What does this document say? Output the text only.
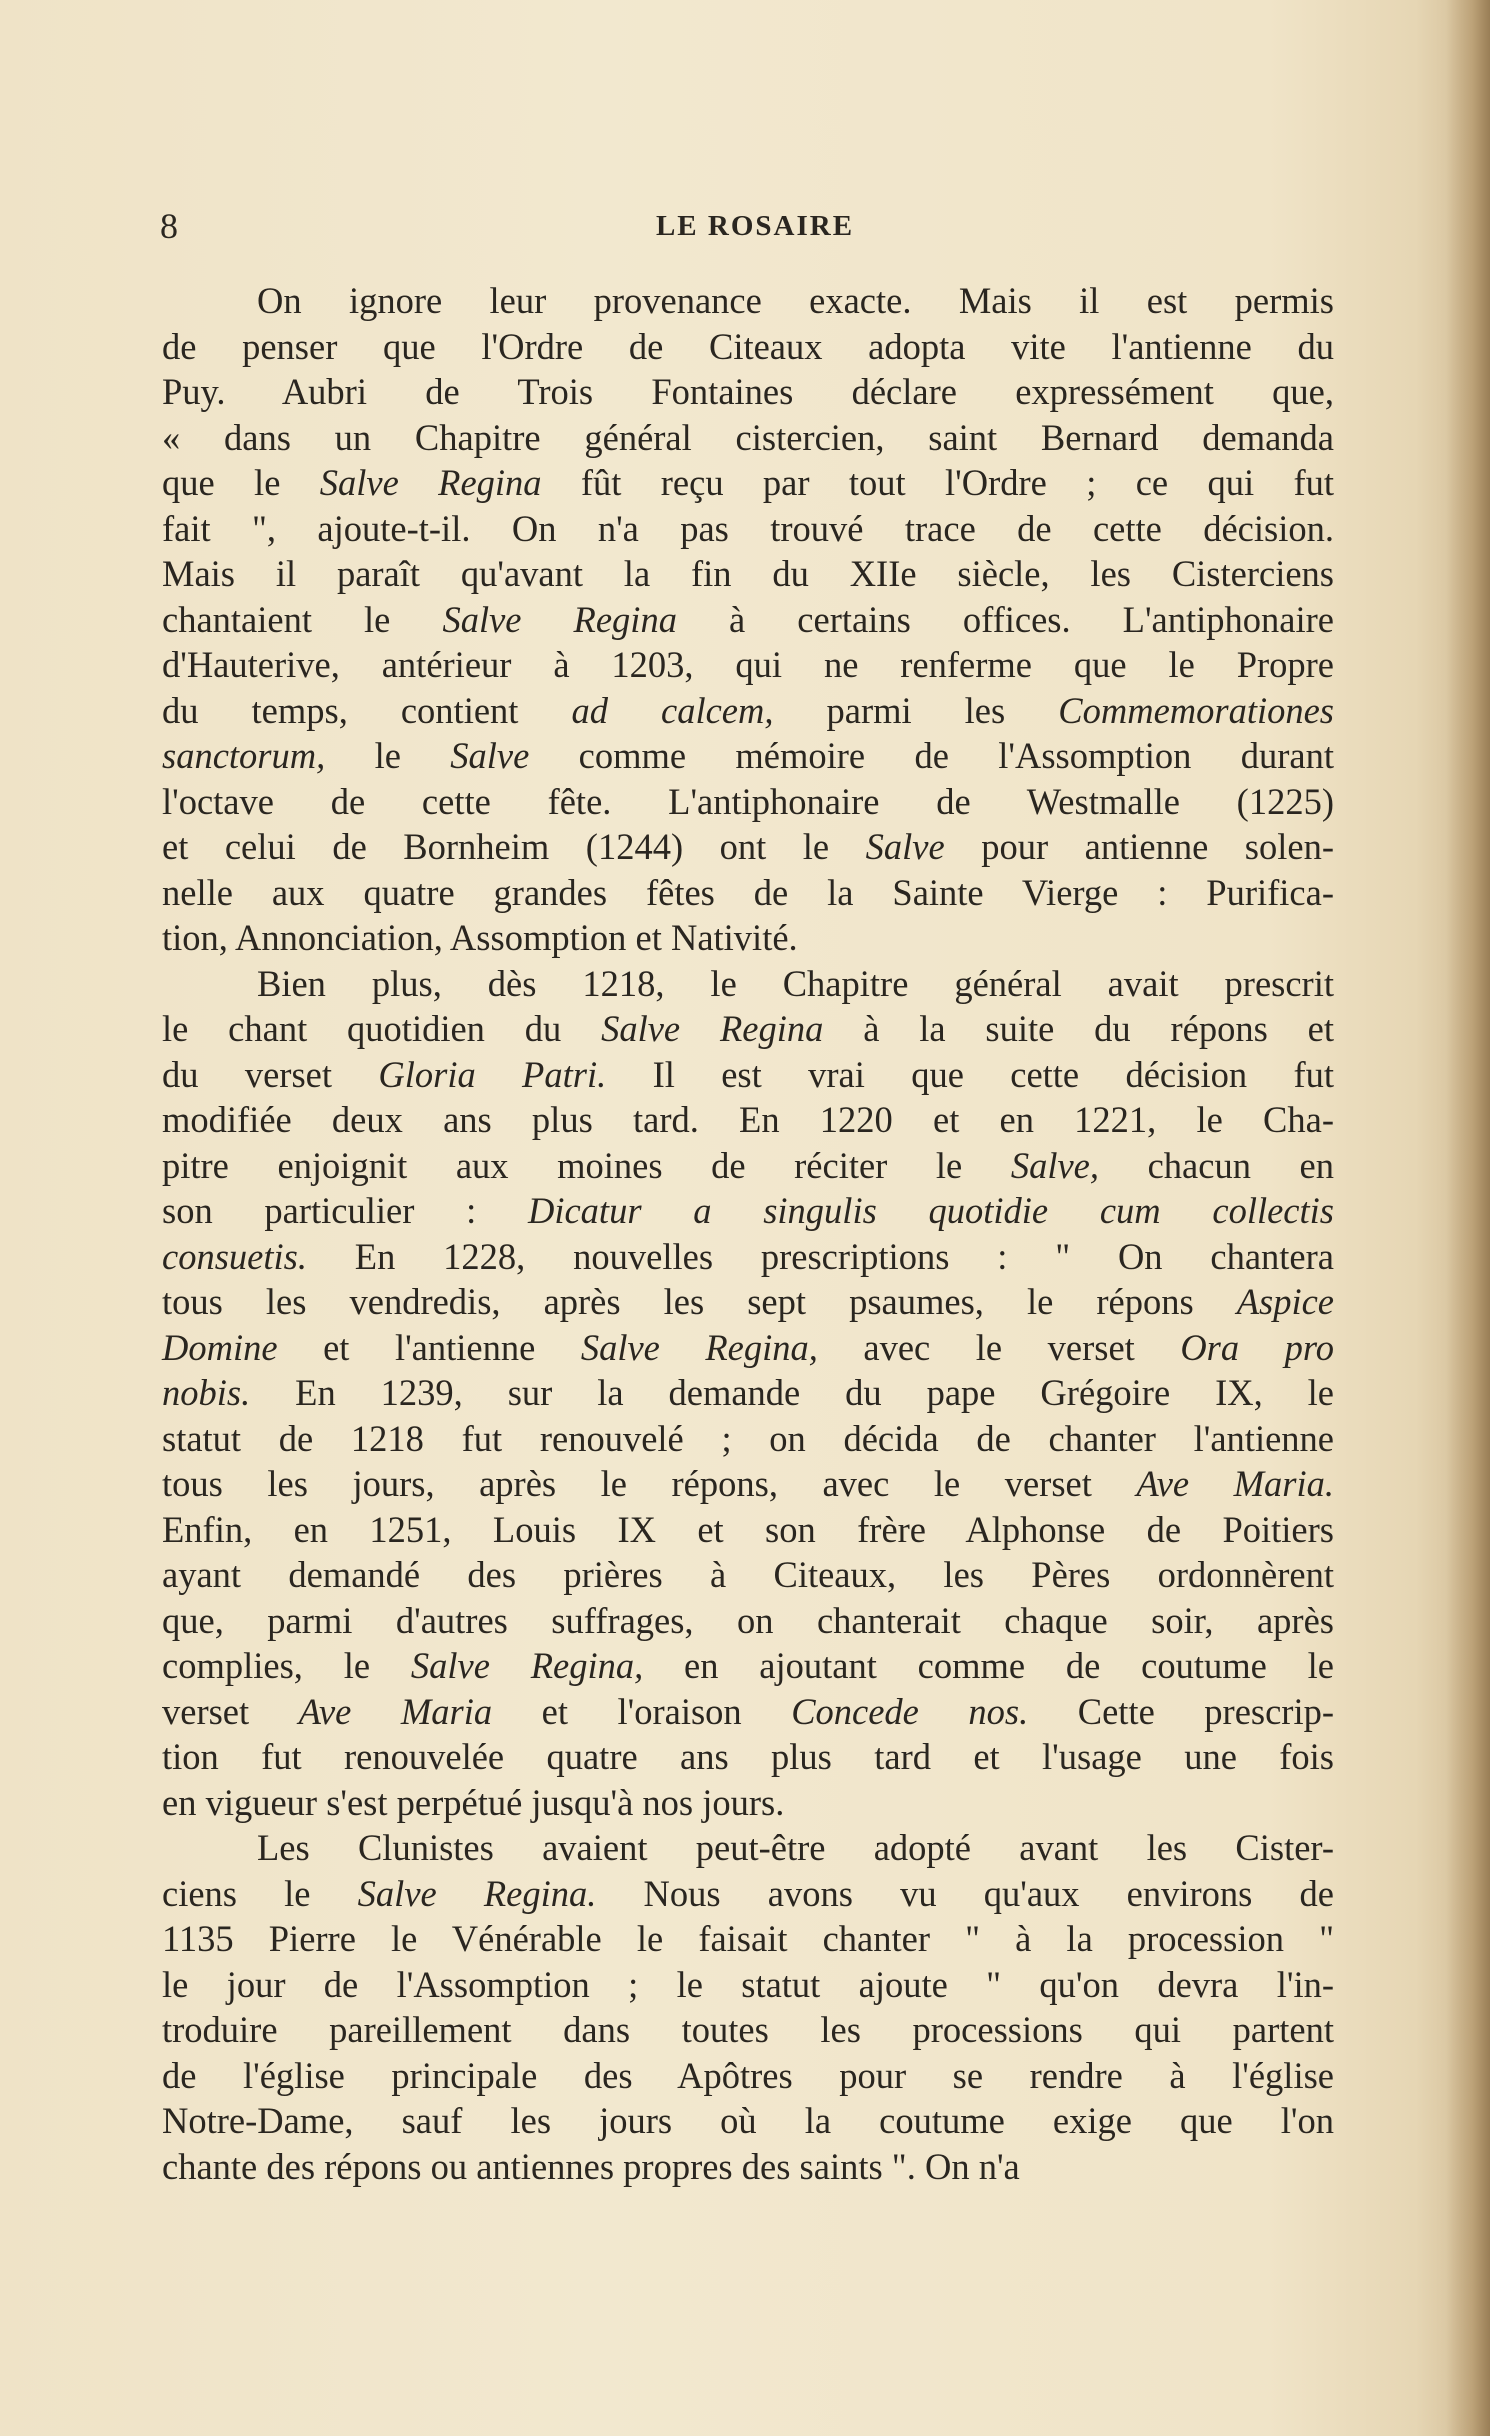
8	LE ROSAIRE

On ignore leur provenance exacte. Mais il est permis

de penser que l'Ordre de Citeaux adopta vite l'antienne du

Puy. Aubri de Trois Fontaines déclare expressément que,

« dans un Chapitre général cistercien, saint Bernard demanda

que le Salve Regina fût reçu par tout l'Ordre ; ce qui fut

fait ", ajoute-t-il. On n'a pas trouvé trace de cette décision.

Mais il paraît qu'avant la fin du XIIe siècle, les Cisterciens

chantaient le Salve Regina à certains offices. L'antiphonaire

d'Hauterive, antérieur à 1203, qui ne renferme que le Propre

du temps, contient ad calcem, parmi les Commemorationes

sanctorum, le Salve comme mémoire de l'Assomption durant

l'octave de cette fête. L'antiphonaire de Westmalle (1225)

et celui de Bornheim (1244) ont le Salve pour antienne solen-

nelle aux quatre grandes fêtes de la Sainte Vierge : Purifica-

tion, Annonciation, Assomption et Nativité.

Bien plus, dès 1218, le Chapitre général avait prescrit

le chant quotidien du Salve Regina à la suite du répons et

du verset Gloria Patri. Il est vrai que cette décision fut

modifiée deux ans plus tard. En 1220 et en 1221, le Cha-

pitre enjoignit aux moines de réciter le Salve, chacun en

son particulier : Dicatur a singulis quotidie cum collectis

consuetis. En 1228, nouvelles prescriptions : " On chantera

tous les vendredis, après les sept psaumes, le répons Aspice

Domine et l'antienne Salve Regina, avec le verset Ora pro

nobis. En 1239, sur la demande du pape Grégoire IX, le

statut de 1218 fut renouvelé ; on décida de chanter l'antienne

tous les jours, après le répons, avec le verset Ave Maria.

Enfin, en 1251, Louis IX et son frère Alphonse de Poitiers

ayant demandé des prières à Citeaux, les Pères ordonnèrent

que, parmi d'autres suffrages, on chanterait chaque soir, après

complies, le Salve Regina, en ajoutant comme de coutume le

verset Ave Maria et l'oraison Concede nos. Cette prescrip-

tion fut renouvelée quatre ans plus tard et l'usage une fois

en vigueur s'est perpétué jusqu'à nos jours.

Les Clunistes avaient peut-être adopté avant les Cister-

ciens le Salve Regina. Nous avons vu qu'aux environs de

1135 Pierre le Vénérable le faisait chanter " à la procession "

le jour de l'Assomption ; le statut ajoute " qu'on devra l'in-

troduire pareillement dans toutes les processions qui partent

de l'église principale des Apôtres pour se rendre à l'église

Notre-Dame, sauf les jours où la coutume exige que l'on

chante des répons ou antiennes propres des saints ". On n'a
